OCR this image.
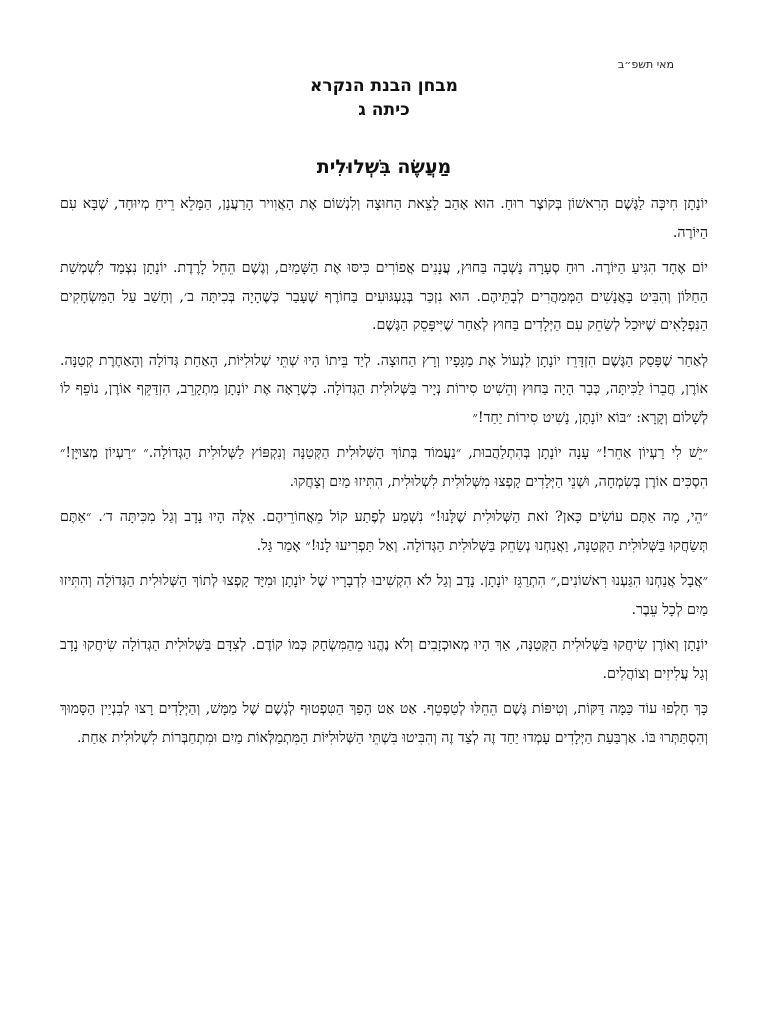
מאי תשפ״ב
מבחן הבנת הנקרא
כיתה ג
מַעֲשֶׂה בִּשְׁלוּלִית

יוֹנָתָן חִיכָּה לַגֶּשֶׁם הָרִאשׁוֹן בְּקוֹצֶר רוּחַ. הוּא אָהַב לָצֵאת הַחוּצָה וְלִנְשׁוֹם אֶת הָאֲוִויר הָרַעֲנָן, הַמָּלֵא רֵיחַ מְיוּחָד, שֶׁבָּא עִם הַיּוֹרֶה.

יוֹם אֶחָד הִגִּיעַ הַיּוֹרֶה. רוּחַ סְעָרָה נָשְׁבָה בַּחוּץ, עֲנָנִים אֲפוֹרִים כִּיסּוּ אֶת הַשָּׁמַיִם, וְגֶשֶׁם הֵחֵל לָרֶדֶת. יוֹנָתָן נִצְמַד לִשְׁמְשַׁת הַחַלּוֹן וְהִבִּיט בָּאֲנָשִׁים הַמְּמַהֲרִים לְבָתֵּיהֶם. הוּא נִזְכַּר בְּגַעְגּוּעִים בַּחוֹרֶף שֶׁעָבַר כְּשֶׁהָיָה בְּכִיתָּה ב׳, וְחָשַׁב עַל הַמִּשְׂחָקִים הַנִּפְלָאִים שֶׁיּוּכַל לְשַׂחֵק עִם הַיְּלָדִים בַּחוּץ לְאַחַר שֶׁיִּיפָּסֵק הַגֶּשֶׁם.

לְאַחַר שֶׁפָּסַק הַגֶּשֶׁם הִזְדָּרֵז יוֹנָתָן לִנְעוֹל אֶת מַגָּפָיו וְרָץ הַחוּצָה. לְיַד בֵּיתוֹ הָיוּ שְׁתֵּי שְׁלוּלִיּוֹת, הָאַחַת גְּדוֹלָה וְהָאַחֶרֶת קְטַנָּה. אוֹרֶן, חֲבֵרוֹ לַכִּיתָּה, כְּבָר הָיָה בַּחוּץ וְהֵשִׁיט סִירוֹת נְיָיר בַּשְּׁלוּלִית הַגְּדוֹלָה. כְּשֶׁרָאָה אֶת יוֹנָתָן מִתְקָרֵב, הִזְדַּקֵּף אוֹרֶן, נוֹפֵף לוֹ לְשָׁלוֹם וְקָרָא: ״בּוֹא יוֹנָתָן, נָשִׁיט סִירוֹת יַחַד!״

״יֵשׁ לִי רַעְיוֹן אַחֵר!״ עָנָה יוֹנָתָן בְּהִתְלַהֲבוּת, ״נַעֲמוֹד בְּתוֹךְ הַשְּׁלוּלִית הַקְּטַנָּה וְנִקְפּוֹץ לַשְּׁלוּלִית הַגְּדוֹלָה.״ ״רַעְיוֹן מְצוּיָּן!״ הִסְכִּים אוֹרֶן בְּשִׂמְחָה, וּשְׁנֵי הַיְּלָדִים קָפְצוּ מִשְּׁלוּלִית לִשְׁלוּלִית, הִתִּיזוּ מַיִם וְצָחֲקוּ.

״הֵי, מָה אַתֶּם עוֹשִׂים כָּאן? זֹאת הַשְּׁלוּלִית שֶׁלָּנוּ!״ נִשְׁמַע לְפֶתַע קוֹל מֵאֲחוֹרֵיהֶם. אֵלֶּה הָיוּ נָדָב וְגַל מִכִּיתָּה ד׳. ״אַתֶּם תְּשַׂחֲקוּ בַּשְּׁלוּלִית הַקְּטַנָּה, וַאֲנַחְנוּ נְשַׂחֵק בַּשְּׁלוּלִית הַגְּדוֹלָה. וְאַל תַּפְרִיעוּ לָנוּ!״ אָמַר גַּל.

״אֲבָל אֲנַחְנוּ הִגַּעְנוּ רִאשׁוֹנִים,״ הִתְרַגֵּז יוֹנָתָן. נָדָב וְגַל לֹא הִקְשִׁיבוּ לִדְבָרָיו שֶׁל יוֹנָתָן וּמִיָּד קָפְצוּ לְתוֹךְ הַשְּׁלוּלִית הַגְּדוֹלָה וְהִתִּיזוּ מַיִם לְכָל עֵבֶר.

יוֹנָתָן וְאוֹרֶן שִׂיחֲקוּ בַּשְּׁלוּלִית הַקְּטַנָּה, אַךְ הָיוּ מְאוּכְזָבִים וְלֹא נֶהֱנוּ מֵהַמִּשְׂחָק כְּמוֹ קוֹדֶם. לְצִדָּם בַּשְּׁלוּלִית הַגְּדוֹלָה שִׂיחֲקוּ נָדָב וְגַל עֲלִיזִים וְצוֹהֲלִים.

כָּךְ חָלְפוּ עוֹד כַּמָּה דַּקּוֹת, וְטִיפּוֹת גֶּשֶׁם הֵחֵלּוּ לְטַפְטֵף. אַט אַט הָפַךְ הַטִּפְטוּף לְגֶשֶׁם שֶׁל מַמָּשׁ, וְהַיְּלָדִים רָצוּ לְבִנְיַין הַסָּמוּךְ וְהִסְתַּתְּרוּ בּוֹ. אַרְבַּעַת הַיְּלָדִים עָמְדוּ יַחַד זֶה לְצַד זֶה וְהִבִּיטוּ בִּשְׁתֵּי הַשְּׁלוּלִיּוֹת הַמִּתְמַלְּאוֹת מַיִם וּמִתְחַבְּרוֹת לִשְׁלוּלִית אַחַת.
